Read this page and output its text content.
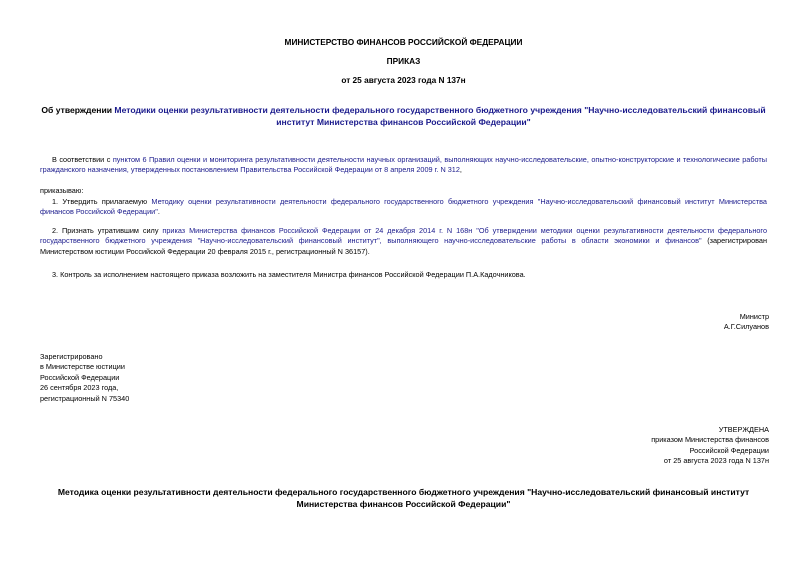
МИНИСТЕРСТВО ФИНАНСОВ РОССИЙСКОЙ ФЕДЕРАЦИИ
ПРИКАЗ
от 25 августа 2023 года N 137н
Об утверждении Методики оценки результативности деятельности федерального государственного бюджетного учреждения "Научно-исследовательский финансовый институт Министерства финансов Российской Федерации"
В соответствии с пунктом 6 Правил оценки и мониторинга результативности деятельности научных организаций, выполняющих научно-исследовательские, опытно-конструкторские и технологические работы гражданского назначения, утвержденных постановлением Правительства Российской Федерации от 8 апреля 2009 г. N 312,
приказываю:
1. Утвердить прилагаемую Методику оценки результативности деятельности федерального государственного бюджетного учреждения "Научно-исследовательский финансовый институт Министерства финансов Российской Федерации".
2. Признать утратившим силу приказ Министерства финансов Российской Федерации от 24 декабря 2014 г. N 168н "Об утверждении методики оценки результативности деятельности федерального государственного бюджетного учреждения "Научно-исследовательский финансовый институт", выполняющего научно-исследовательские работы в области экономики и финансов" (зарегистрирован Министерством юстиции Российской Федерации 20 февраля 2015 г., регистрационный N 36157).
3. Контроль за исполнением настоящего приказа возложить на заместителя Министра финансов Российской Федерации П.А.Кадочникова.
Министр
А.Г.Силуанов
Зарегистрировано
в Министерстве юстиции
Российской Федерации
26 сентября 2023 года,
регистрационный N 75340
УТВЕРЖДЕНА
приказом Министерства финансов
Российской Федерации
от 25 августа 2023 года N 137н
Методика оценки результативности деятельности федерального государственного бюджетного учреждения "Научно-исследовательский финансовый институт Министерства финансов Российской Федерации"
